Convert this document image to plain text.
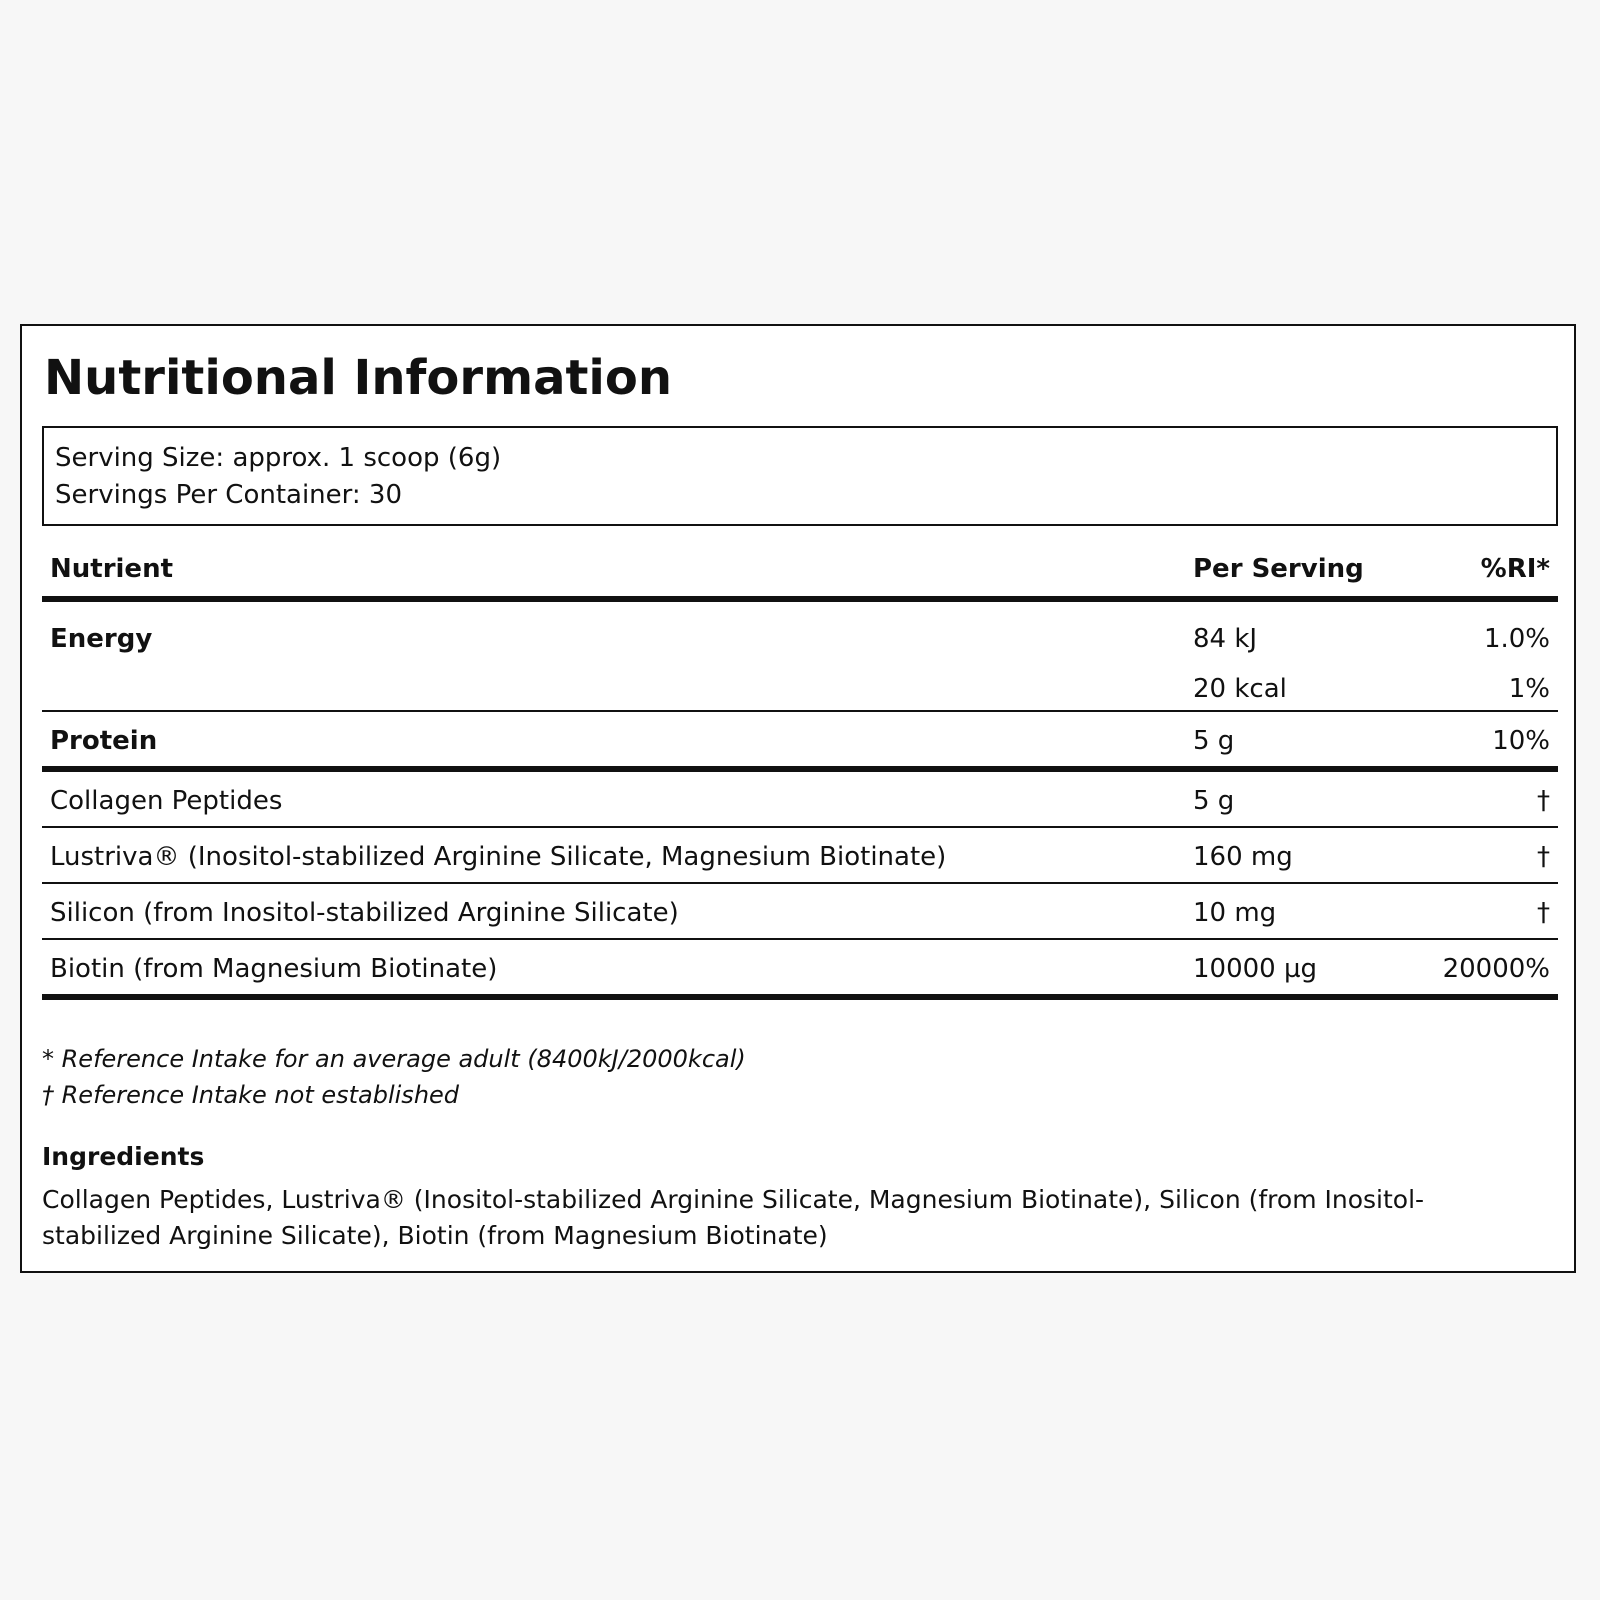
Nutritional Information
Serving Size: approx. 1 scoop (6g)
Servings Per Container: 30
Nutrient	Per Serving	%RI*
Energy	84 kJ	1.0%
20 kcal	1%
Protein	5 g	10%
Collagen Peptides	5 g	†
Lustriva® (Inositol-stabilized Arginine Silicate, Magnesium Biotinate)	160 mg	†
Silicon (from Inositol-stabilized Arginine Silicate)	10 mg	†
Biotin (from Magnesium Biotinate)	10000 µg	20000%
* Reference Intake for an average adult (8400kJ/2000kcal)
† Reference Intake not established
Ingredients
Collagen Peptides, Lustriva® (Inositol-stabilized Arginine Silicate, Magnesium Biotinate), Silicon (from Inositol-stabilized Arginine Silicate), Biotin (from Magnesium Biotinate)
